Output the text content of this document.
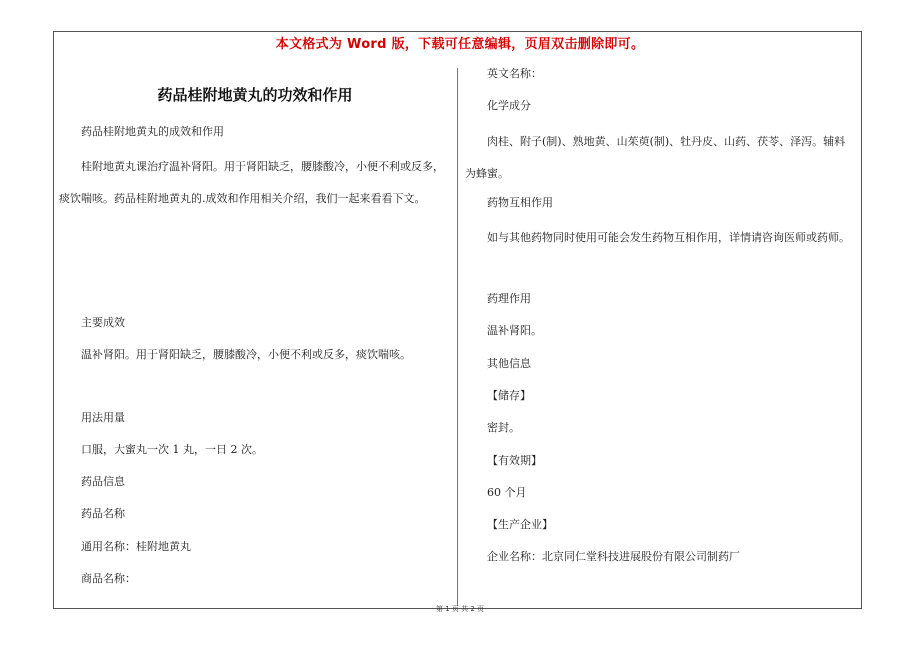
本文格式为 Word 版，下载可任意编辑，页眉双击删除即可。
药品桂附地黄丸的功效和作用

药品桂附地黄丸的成效和作用

桂附地黄丸课治疗温补肾阳。用于肾阳缺乏，腰膝酸冷，小便不利或反多，痰饮喘咳。药品桂附地黄丸的.成效和作用相关介绍，我们一起来看看下文。

主要成效

温补肾阳。用于肾阳缺乏，腰膝酸冷，小便不利或反多，痰饮喘咳。

用法用量

口服，大蜜丸一次 1 丸，一日 2 次。

药品信息

药品名称

通用名称：桂附地黄丸

商品名称：

英文名称：

化学成分

肉桂、附子(制)、熟地黄、山茱萸(制)、牡丹皮、山药、茯苓、泽泻。辅料为蜂蜜。

药物互相作用

如与其他药物同时使用可能会发生药物互相作用，详情请咨询医师或药师。

药理作用

温补肾阳。

其他信息

【储存】

密封。

【有效期】

60 个月

【生产企业】

企业名称：北京同仁堂科技进展股份有限公司制药厂

第 1 页 共 2 页
